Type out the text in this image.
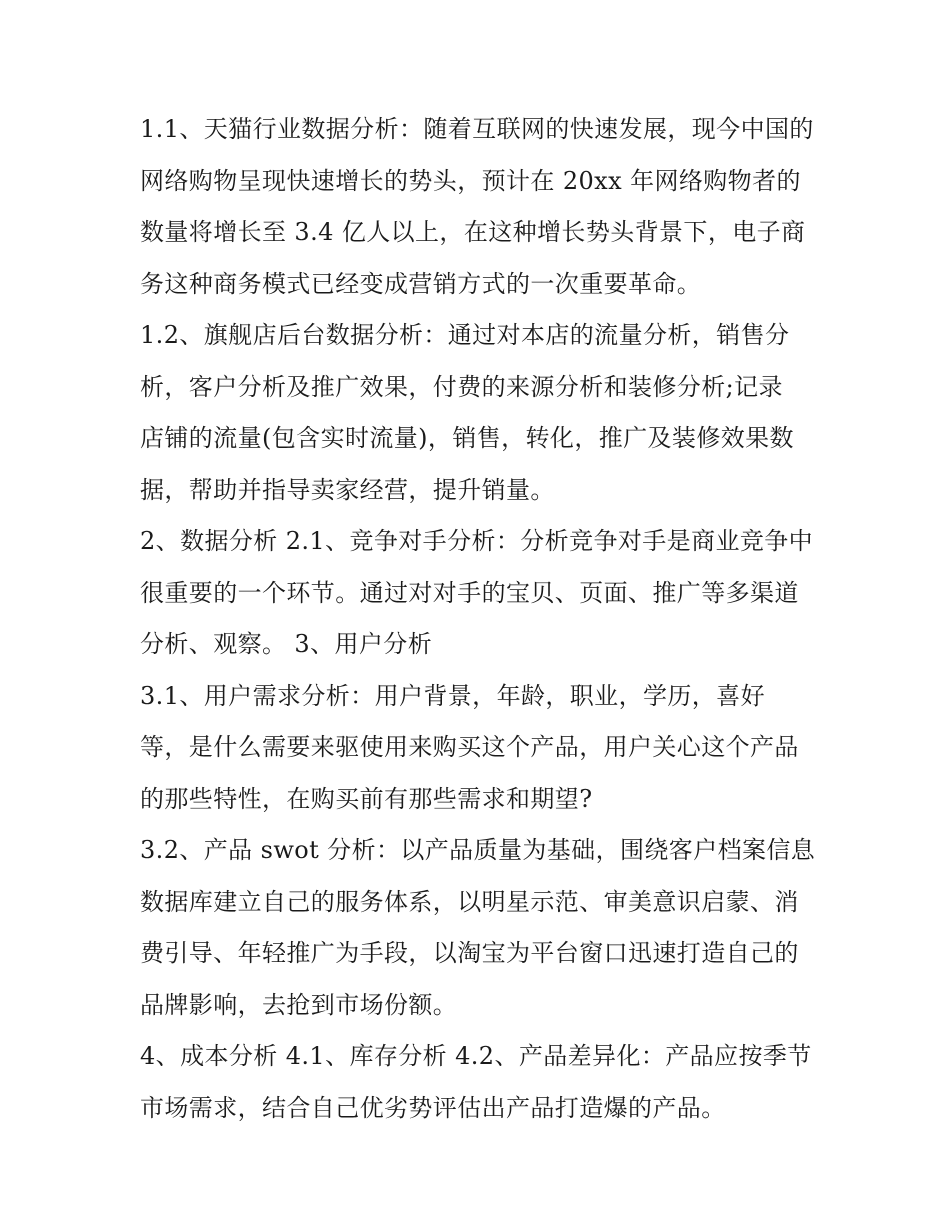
1.1、天猫行业数据分析：随着互联网的快速发展，现今中国的
网络购物呈现快速增长的势头，预计在 20xx 年网络购物者的
数量将增长至 3.4 亿人以上，在这种增长势头背景下，电子商
务这种商务模式已经变成营销方式的一次重要革命。
1.2、旗舰店后台数据分析：通过对本店的流量分析，销售分
析，客户分析及推广效果，付费的来源分析和装修分析;记录
店铺的流量(包含实时流量)，销售，转化，推广及装修效果数
据，帮助并指导卖家经营，提升销量。
2、数据分析 2.1、竞争对手分析：分析竞争对手是商业竞争中
很重要的一个环节。通过对对手的宝贝、页面、推广等多渠道
分析、观察。 3、用户分析
3.1、用户需求分析：用户背景，年龄，职业，学历，喜好
等，是什么需要来驱使用来购买这个产品，用户关心这个产品
的那些特性，在购买前有那些需求和期望?
3.2、产品 swot 分析：以产品质量为基础，围绕客户档案信息
数据库建立自己的服务体系，以明星示范、审美意识启蒙、消
费引导、年轻推广为手段，以淘宝为平台窗口迅速打造自己的
品牌影响，去抢到市场份额。
4、成本分析 4.1、库存分析 4.2、产品差异化：产品应按季节
市场需求，结合自己优劣势评估出产品打造爆的产品。
